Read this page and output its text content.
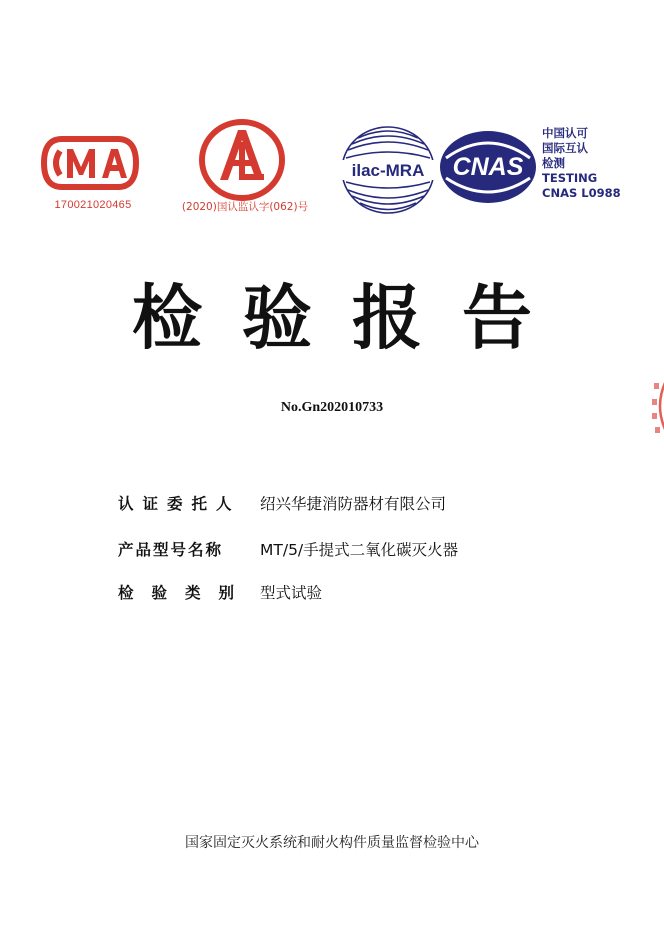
170021020465	(2020)国认监认字(062)号
ilac-MRA CNAS
中国认可
国际互认
检测
TESTING
CNAS L0988
检验报告
No.Gn202010733
认证委托人	绍兴华捷消防器材有限公司
产品型号名称	MT/5/手提式二氧化碳灭火器
检验类别 型式试验
国家固定灭火系统和耐火构件质量监督检验中心
